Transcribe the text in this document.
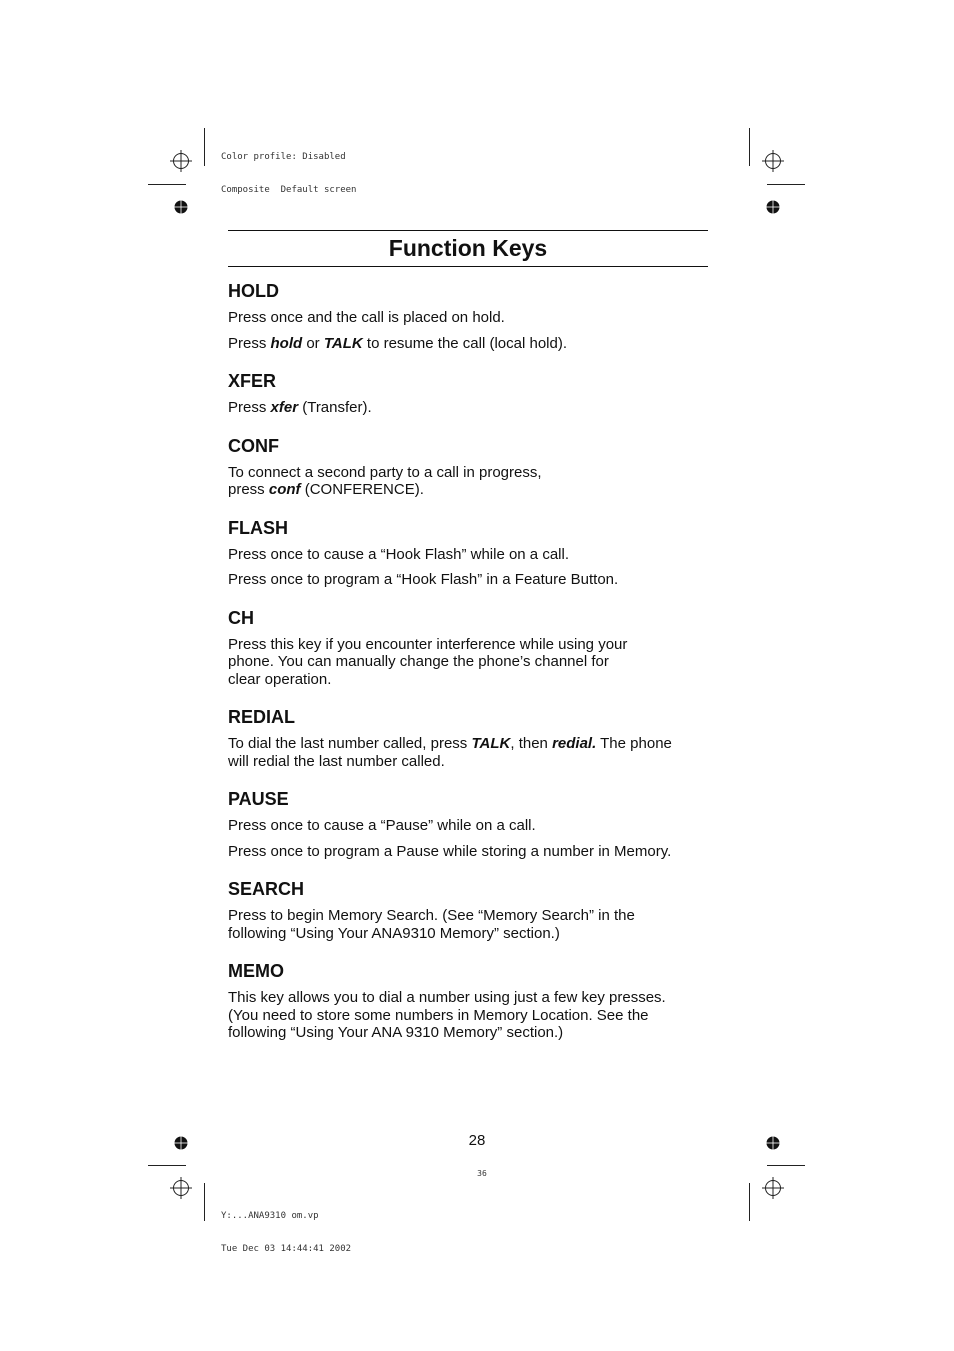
Color profile: Disabled

Composite  Default screen

Y:...ANA9310 om.vp

Tue Dec 03 14:44:41 2002

Function Keys
HOLD

Press once and the call is placed on hold.

Press hold or TALK to resume the call (local hold).

XFER

Press xfer (Transfer).

CONF

To connect a second party to a call in progress,
press conf (CONFERENCE).

FLASH

Press once to cause a “Hook Flash” while on a call.

Press once to program a “Hook Flash” in a Feature Button.

CH

Press this key if you encounter interference while using your
phone. You can manually change the phone’s channel for
clear operation.

REDIAL

To dial the last number called, press TALK, then redial. The phone
will redial the last number called.

PAUSE

Press once to cause a “Pause” while on a call.

Press once to program a Pause while storing a number in Memory.

SEARCH

Press to begin Memory Search. (See “Memory Search” in the
following “Using Your ANA9310 Memory” section.)

MEMO

This key allows you to dial a number using just a few key presses.
(You need to store some numbers in Memory Location. See the
following “Using Your ANA 9310 Memory” section.)

28
36
